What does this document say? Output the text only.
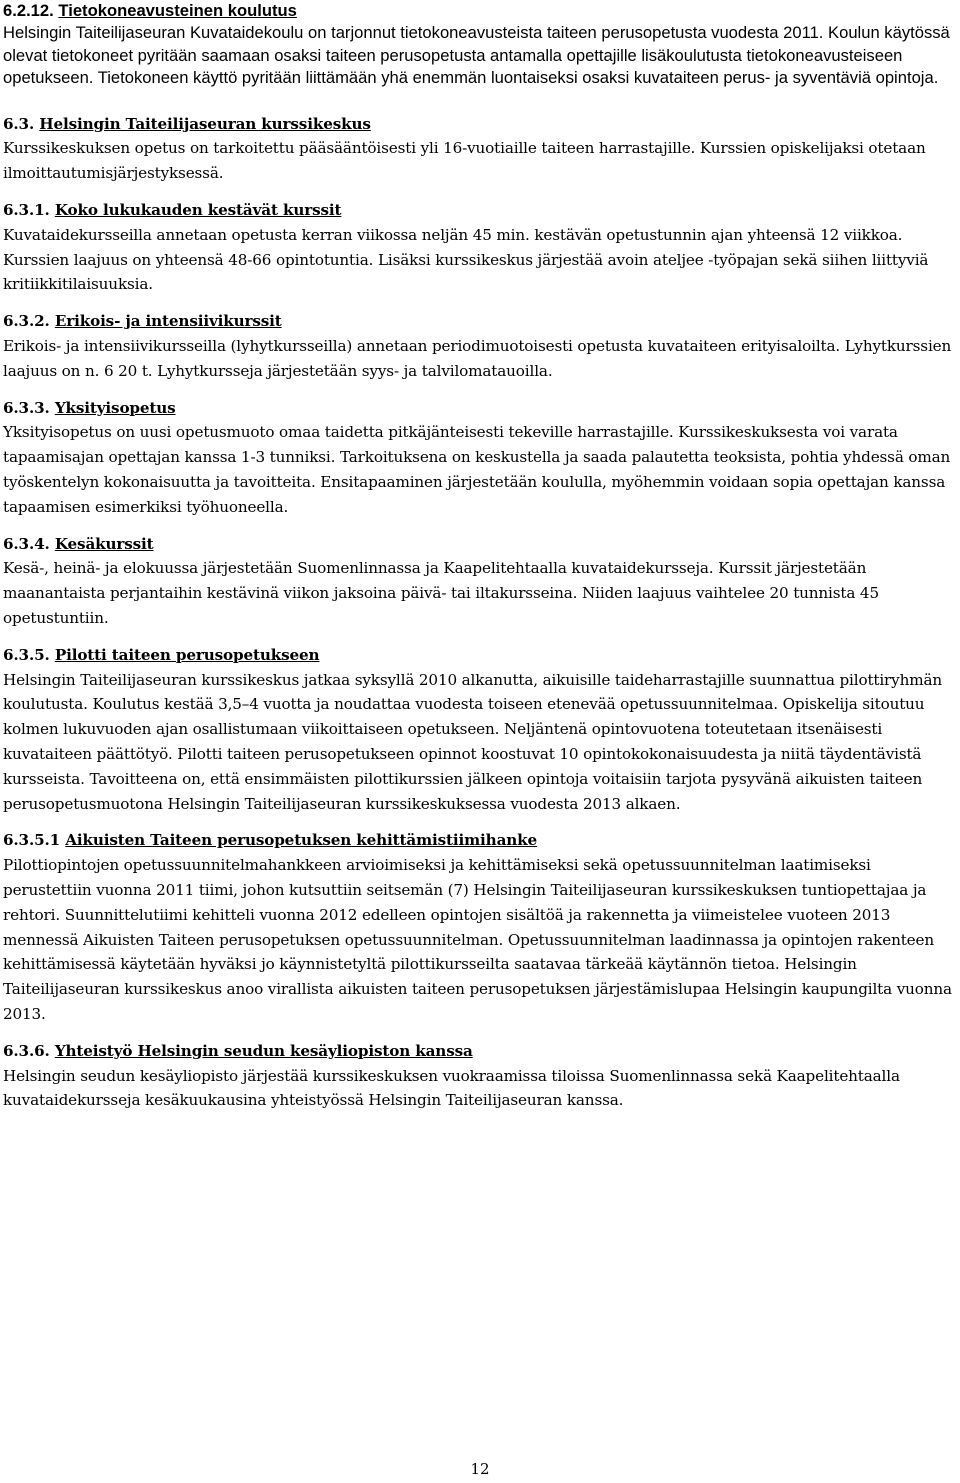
6.2.12. Tietokoneavusteinen koulutus
Helsingin Taiteilijaseuran Kuvataidekoulu on tarjonnut tietokoneavusteista taiteen perusopetusta vuodesta 2011. Koulun käytössä olevat tietokoneet pyritään saamaan osaksi taiteen perusopetusta antamalla opettajille lisäkoulutusta tietokoneavusteiseen opetukseen. Tietokoneen käyttö pyritään liittämään yhä enemmän luontaiseksi osaksi kuvataiteen perus- ja syventäviä opintoja.
6.3. Helsingin Taiteilijaseuran kurssikeskus
Kurssikeskuksen opetus on tarkoitettu pääsääntöisesti yli 16-vuotiaille taiteen harrastajille. Kurssien opiskelijaksi otetaan ilmoittautumisjärjestyksessä.
6.3.1. Koko lukukauden kestävät kurssit
Kuvataidekursseilla annetaan opetusta kerran viikossa neljän 45 min. kestävän opetustunnin ajan yhteensä 12 viikkoa. Kurssien laajuus on yhteensä 48-66 opintotuntia. Lisäksi kurssikeskus järjestää avoin ateljee -työpajan sekä siihen liittyviä kritiikkitilaisuuksia.
6.3.2. Erikois- ja intensiivikurssit
Erikois- ja intensiivikursseilla (lyhytkursseilla) annetaan periodimuotoisesti opetusta kuvataiteen erityisaloilta. Lyhytkurssien laajuus on n. 6 20 t. Lyhytkursseja järjestetään syys- ja talvilomatauoilla.
6.3.3. Yksityisopetus
Yksityisopetus on uusi opetusmuoto omaa taidetta pitkäjänteisesti tekeville harrastajille. Kurssikeskuksesta voi varata tapaamisajan opettajan kanssa 1-3 tunniksi. Tarkoituksena on keskustella ja saada palautetta teoksista, pohtia yhdessä oman työskentelyn kokonaisuutta ja tavoitteita. Ensitapaaminen järjestetään koululla, myöhemmin voidaan sopia opettajan kanssa tapaamisen esimerkiksi työhuoneella.
6.3.4. Kesäkurssit
Kesä-, heinä- ja elokuussa järjestetään Suomenlinnassa ja Kaapelitehtaalla kuvataidekursseja. Kurssit järjestetään maanantaista perjantaihin kestävinä viikon jaksoina päivä- tai iltakursseina. Niiden laajuus vaihtelee 20 tunnista 45 opetustuntiin.
6.3.5. Pilotti taiteen perusopetukseen
Helsingin Taiteilijaseuran kurssikeskus jatkaa syksyllä 2010 alkanutta, aikuisille taideharrastajille suunnattua pilottiryhmän koulutusta. Koulutus kestää 3,5–4 vuotta ja noudattaa vuodesta toiseen etenevää opetussuunnitelmaa. Opiskelija sitoutuu kolmen lukuvuoden ajan osallistumaan viikoittaiseen opetukseen. Neljäntenä opintovuotena toteutetaan itsenäisesti kuvataiteen päättötyö. Pilotti taiteen perusopetukseen opinnot koostuvat 10 opintokokonaisuudesta ja niitä täydentävistä kursseista. Tavoitteena on, että ensimmäisten pilottikurssien jälkeen opintoja voitaisiin tarjota pysyvänä aikuisten taiteen perusopetusmuotona Helsingin Taiteilijaseuran kurssikeskuksessa vuodesta 2013 alkaen.
6.3.5.1 Aikuisten Taiteen perusopetuksen kehittämistiimihanke
Pilottiopintojen opetussuunnitelmahankkeen arvioimiseksi ja kehittämiseksi sekä opetussuunnitelman laatimiseksi perustettiin vuonna 2011 tiimi, johon kutsuttiin seitsemän (7) Helsingin Taiteilijaseuran kurssikeskuksen tuntiopettajaa ja rehtori. Suunnittelutiimi kehitteli vuonna 2012 edelleen opintojen sisältöä ja rakennetta ja viimeistelee vuoteen 2013 mennessä Aikuisten Taiteen perusopetuksen opetussuunnitelman. Opetussuunnitelman laadinnassa ja opintojen rakenteen kehittämisessä käytetään hyväksi jo käynnistetyltä pilottikursseilta saatavaa tärkeää käytännön tietoa. Helsingin Taiteilijaseuran kurssikeskus anoo virallista aikuisten taiteen perusopetuksen järjestämislupaa Helsingin kaupungilta vuonna 2013.
6.3.6. Yhteistyö Helsingin seudun kesäyliopiston kanssa
Helsingin seudun kesäyliopisto järjestää kurssikeskuksen vuokraamissa tiloissa Suomenlinnassa sekä Kaapelitehtaalla kuvataidekursseja kesäkuukausina yhteistyössä Helsingin Taiteilijaseuran kanssa.
12
